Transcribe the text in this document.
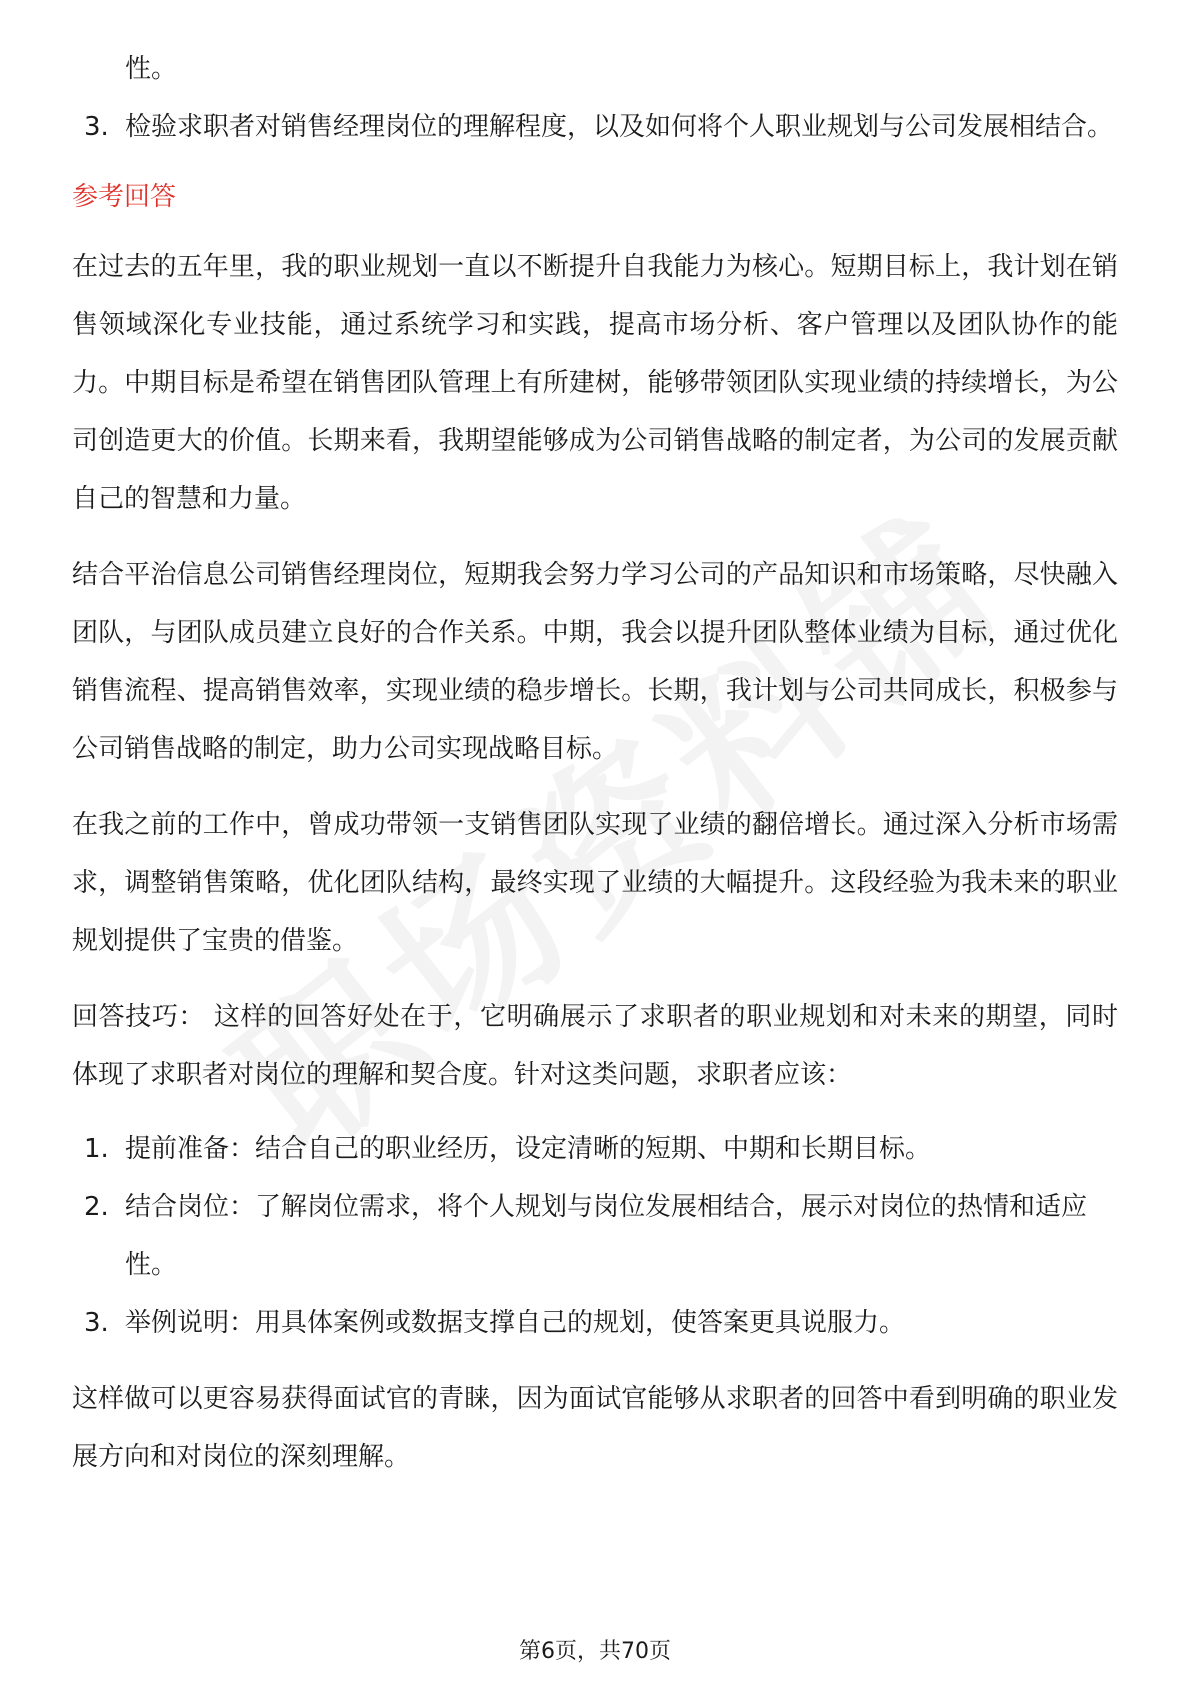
性。
3. 检验求职者对销售经理岗位的理解程度，以及如何将个人职业规划与公司发展相结合。
参考回答

在过去的五年里，我的职业规划一直以不断提升自我能力为核心。短期目标上，我计划在销售领域深化专业技能，通过系统学习和实践，提高市场分析、客户管理以及团队协作的能力。中期目标是希望在销售团队管理上有所建树，能够带领团队实现业绩的持续增长，为公司创造更大的价值。长期来看，我期望能够成为公司销售战略的制定者，为公司的发展贡献自己的智慧和力量。

结合平治信息公司销售经理岗位，短期我会努力学习公司的产品知识和市场策略，尽快融入团队，与团队成员建立良好的合作关系。中期，我会以提升团队整体业绩为目标，通过优化销售流程、提高销售效率，实现业绩的稳步增长。长期，我计划与公司共同成长，积极参与公司销售战略的制定，助力公司实现战略目标。

在我之前的工作中，曾成功带领一支销售团队实现了业绩的翻倍增长。通过深入分析市场需求，调整销售策略，优化团队结构，最终实现了业绩的大幅提升。这段经验为我未来的职业规划提供了宝贵的借鉴。

回答技巧： 这样的回答好处在于，它明确展示了求职者的职业规划和对未来的期望，同时体现了求职者对岗位的理解和契合度。针对这类问题，求职者应该：

1. 提前准备：结合自己的职业经历，设定清晰的短期、中期和长期目标。
2. 结合岗位：了解岗位需求，将个人规划与岗位发展相结合，展示对岗位的热情和适应性。
3. 举例说明：用具体案例或数据支撑自己的规划，使答案更具说服力。

这样做可以更容易获得面试官的青睐，因为面试官能够从求职者的回答中看到明确的职业发展方向和对岗位的深刻理解。

第6页，共70页
